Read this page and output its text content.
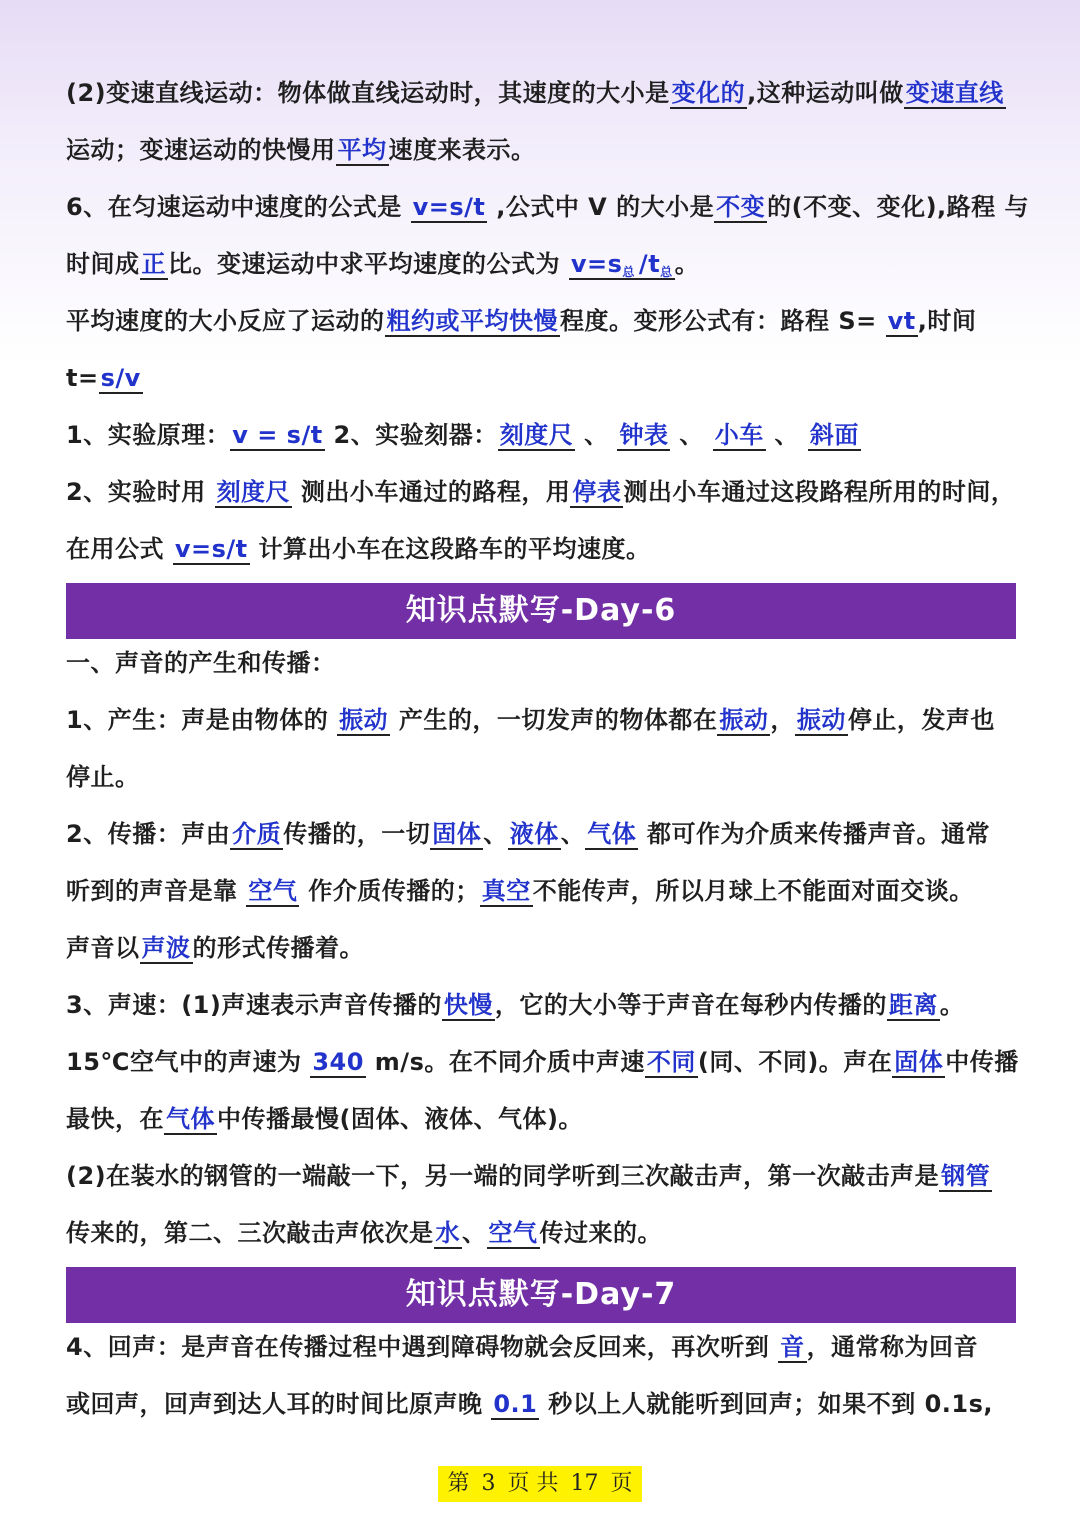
(2)变速直线运动：物体做直线运动时，其速度的大小是变化的,这种运动叫做变速直线
运动；变速运动的快慢用平均速度来表示。
6、在匀速运动中速度的公式是 v=s/t ,公式中 V 的大小是不变的(不变、变化),路程 与
时间成正比。变速运动中求平均速度的公式为 $v=s_总$ $/t_总$。
平均速度的大小反应了运动的粗约或平均快慢程度。变形公式有：路程 S= vt,时间
t=s/v
1、实验原理：v = s/t 2、实验刻器：刻度尺 、 钟表 、 小车 、 斜面
2、实验时用 刻度尺 测出小车通过的路程，用停表测出小车通过这段路程所用的时间，
在用公式 v=s/t 计算出小车在这段路车的平均速度。
知识点默写-Day-6
一、声音的产生和传播：
1、产生：声是由物体的 振动 产生的，一切发声的物体都在振动，振动停止，发声也
停止。
2、传播：声由介质传播的，一切固体、液体、气体 都可作为介质来传播声音。通常
听到的声音是靠 空气 作介质传播的；真空不能传声，所以月球上不能面对面交谈。
声音以声波的形式传播着。
3、声速：(1)声速表示声音传播的快慢，它的大小等于声音在每秒内传播的距离。
15℃空气中的声速为 340 m/s。在不同介质中声速不同(同、不同)。声在固体中传播
最快，在气体中传播最慢(固体、液体、气体)。
(2)在装水的钢管的一端敲一下，另一端的同学听到三次敲击声，第一次敲击声是钢管
传来的，第二、三次敲击声依次是水、空气传过来的。
知识点默写-Day-7
4、回声：是声音在传播过程中遇到障碍物就会反回来，再次听到 音，通常称为回音
或回声，回声到达人耳的时间比原声晚 0.1 秒以上人就能听到回声；如果不到 0.1s,
第 3 页 共 17 页
